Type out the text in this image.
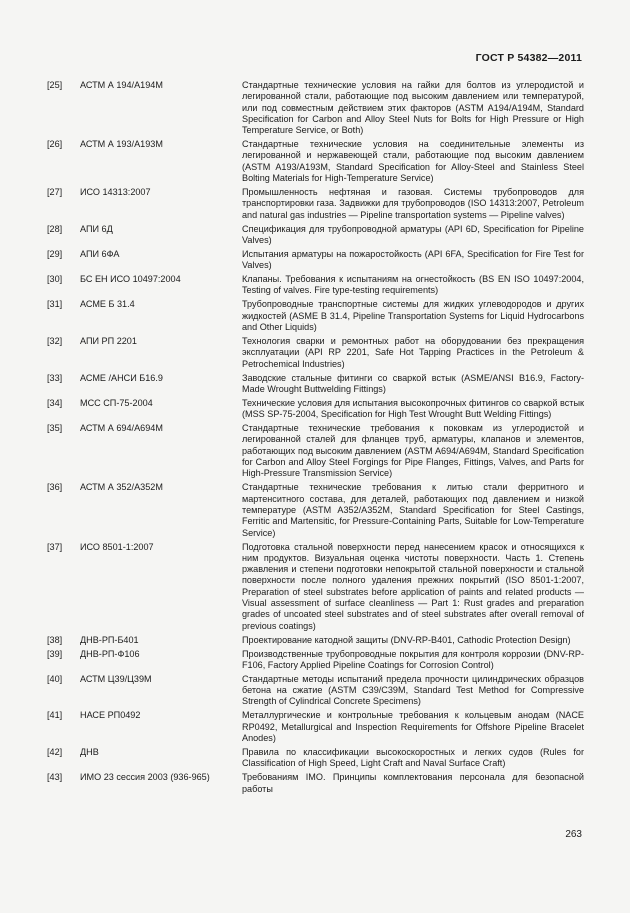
ГОСТ Р 54382—2011
[25]	АСТМ А 194/А194М	Стандартные технические условия на гайки для болтов из углеродистой и легированной стали, работающие под высоким давлением или температурой, или под совместным действием этих факторов (ASTM A194/A194M, Standard Specification for Carbon and Alloy Steel Nuts for Bolts for High Pressure or High Temperature Service, or Both)
[26]	АСТМ А 193/А193М	Стандартные технические условия на соединительные элементы из легированной и нержавеющей стали, работающие под высоким давлением (ASTM A193/A193M, Standard Specification for Alloy-Steel and Stainless Steel Bolting Materials for High-Temperature Service)
[27]	ИСО 14313:2007	Промышленность нефтяная и газовая. Системы трубопроводов для транспортировки газа. Задвижки для трубопроводов (ISO 14313:2007, Petroleum and natural gas industries — Pipeline transportation systems — Pipeline valves)
[28]	АПИ 6Д	Спецификация для трубопроводной арматуры (API 6D, Specification for Pipeline Valves)
[29]	АПИ 6ФА	Испытания арматуры на пожаростойкость (API 6FA, Specification for Fire Test for Valves)
[30]	БС ЕН ИСО 10497:2004	Клапаны. Требования к испытаниям на огнестойкость (BS EN ISO 10497:2004, Testing of valves. Fire type-testing requirements)
[31]	АСМЕ Б 31.4	Трубопроводные транспортные системы для жидких углеводородов и других жидкостей (ASME B 31.4, Pipeline Transportation Systems for Liquid Hydrocarbons and Other Liquids)
[32]	АПИ РП 2201	Технология сварки и ремонтных работ на оборудовании без прекращения эксплуатации (API RP 2201, Safe Hot Tapping Practices in the Petroleum & Petrochemical Industries)
[33]	АСМЕ /АНСИ Б16.9	Заводские стальные фитинги со сваркой встык (ASME/ANSI B16.9, Factory-Made Wrought Buttwelding Fittings)
[34]	МСС СП-75-2004	Технические условия для испытания высокопрочных фитингов со сваркой встык (MSS SP-75-2004, Specification for High Test Wrought Butt Welding Fittings)
[35]	АСТМ А 694/А694М	Стандартные технические требования к поковкам из углеродистой и легированной сталей для фланцев труб, арматуры, клапанов и элементов, работающих под высоким давлением (ASTM A694/A694M, Standard Specification for Carbon and Alloy Steel Forgings for Pipe Flanges, Fittings, Valves, and Parts for High-Pressure Transmission Service)
[36]	АСТМ А 352/А352М	Стандартные технические требования к литью стали ферритного и мартенситного состава, для деталей, работающих под давлением и низкой температуре (ASTM A352/A352M, Standard Specification for Steel Castings, Ferritic and Martensitic, for Pressure-Containing Parts, Suitable for Low-Temperature Service)
[37]	ИСО 8501-1:2007	Подготовка стальной поверхности перед нанесением красок и относящихся к ним продуктов. Визуальная оценка чистоты поверхности. Часть 1. Степень ржавления и степени подготовки непокрытой стальной поверхности и стальной поверхности после полного удаления прежних покрытий (ISO 8501-1:2007, Preparation of steel substrates before application of paints and related products — Visual assessment of surface cleanliness — Part 1: Rust grades and preparation grades of uncoated steel substrates and of steel substrates after overall removal of previous coatings)
[38]	ДНВ-РП-Б401	Проектирование катодной защиты (DNV-RP-B401, Cathodic Protection Design)
[39]	ДНВ-РП-Ф106	Производственные трубопроводные покрытия для контроля коррозии (DNV-RP-F106, Factory Applied Pipeline Coatings for Corrosion Control)
[40]	АСТМ Ц39/Ц39М	Стандартные методы испытаний предела прочности цилиндрических образцов бетона на сжатие (ASTM C39/C39M, Standard Test Method for Compressive Strength of Cylindrical Concrete Specimens)
[41]	НАСЕ РП0492	Металлургические и контрольные требования к кольцевым анодам (NACE RP0492, Metallurgical and Inspection Requirements for Offshore Pipeline Bracelet Anodes)
[42]	ДНВ	Правила по классификации высокоскоростных и легких судов (Rules for Classification of High Speed, Light Craft and Naval Surface Craft)
[43]	ИМО 23 сессия 2003 (936-965)	Требованиям IMO. Принципы комплектования персонала для безопасной работы
263
